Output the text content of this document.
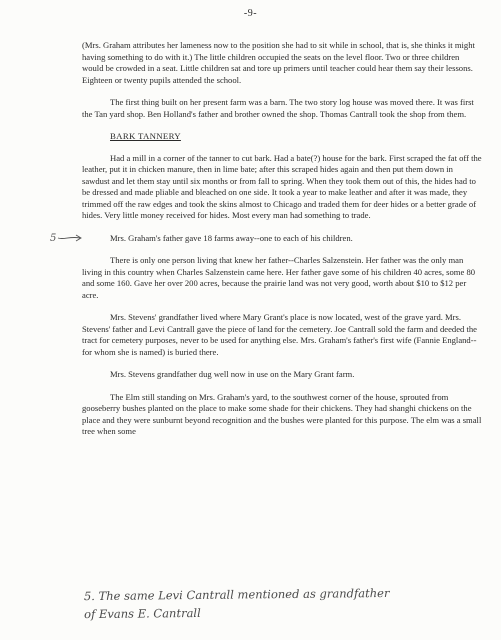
-9-

(Mrs. Graham attributes her lameness now to the position she had to sit while in school, that is, she thinks it might having something to do with it.) The little children occupied the seats on the level floor. Two or three children would be crowded in a seat. Little children sat and tore up primers until teacher could hear them say their lessons. Eighteen or twenty pupils attended the school.

The first thing built on her present farm was a barn. The two story log house was moved there. It was first the Tan yard shop. Ben Holland's father and brother owned the shop. Thomas Cantrall took the shop from them.

BARK TANNERY

Had a mill in a corner of the tanner to cut bark. Had a bate(?) house for the bark. First scraped the fat off the leather, put it in chicken manure, then in lime bate; after this scraped hides again and then put them down in sawdust and let them stay until six months or from fall to spring. When they took them out of this, the hides had to be dressed and made pliable and bleached on one side. It took a year to make leather and after it was made, they trimmed off the raw edges and took the skins almost to Chicago and traded them for deer hides or a better grade of hides. Very little money received for hides. Most every man had something to trade.

5	Mrs. Graham's father gave 18 farms away--one to each of his children.

There is only one person living that knew her father--Charles Salzenstein. Her father was the only man living in this country when Charles Salzenstein came here. Her father gave some of his children 40 acres, some 80 and some 160. Gave her over 200 acres, because the prairie land was not very good, worth about $10 to $12 per acre.

Mrs. Stevens' grandfather lived where Mary Grant's place is now located, west of the grave yard. Mrs. Stevens' father and Levi Cantrall gave the piece of land for the cemetery. Joe Cantrall sold the farm and deeded the tract for cemetery purposes, never to be used for anything else. Mrs. Graham's father's first wife (Fannie England--for whom she is named) is buried there.

Mrs. Stevens grandfather dug well now in use on the Mary Grant farm.

The Elm still standing on Mrs. Graham's yard, to the southwest corner of the house, sprouted from gooseberry bushes planted on the place to make some shade for their chickens. They had shanghi chickens on the place and they were sunburnt beyond recognition and the bushes were planted for this purpose. The elm was a small tree when some

5. The same Levi Cantrall mentioned as grandfather
of Evans E. Cantrall
